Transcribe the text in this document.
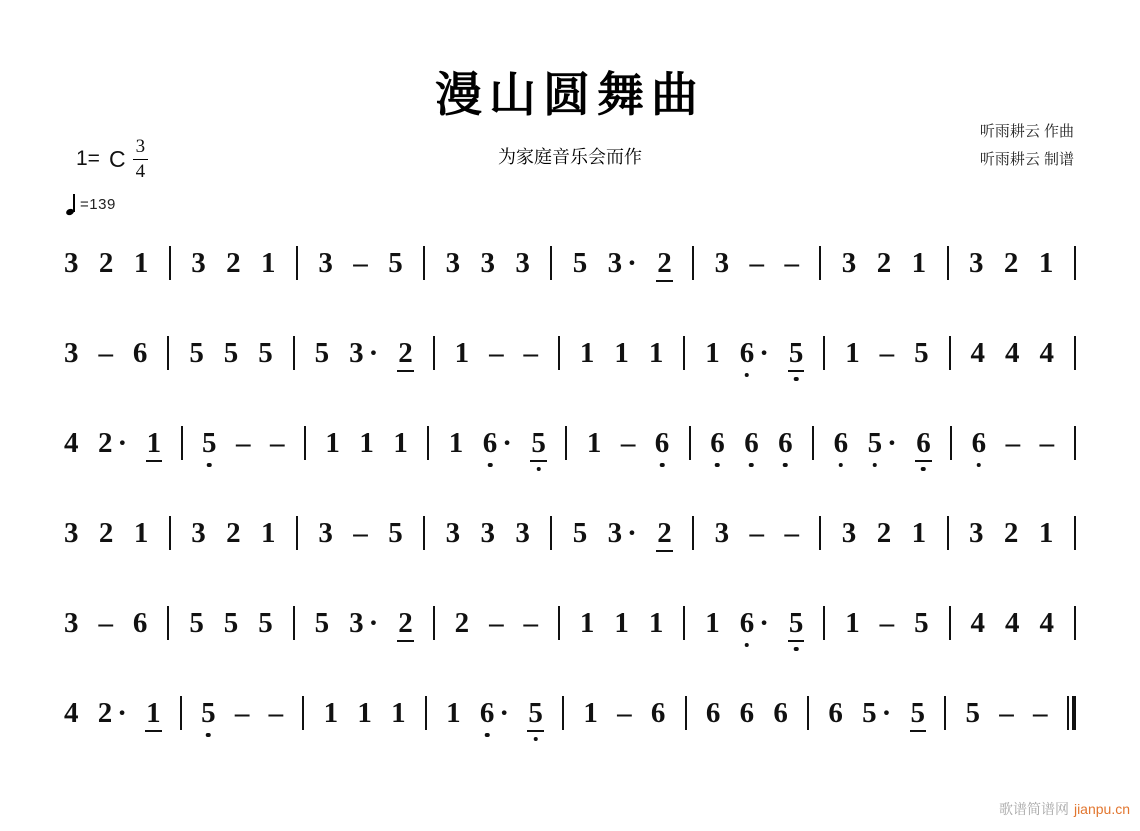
漫山圆舞曲
为家庭音乐会而作
听雨耕云 作曲
听雨耕云 制谱
1= C $\frac{3}{4}$
=139
3 2 1 3 2 1 3 – 5 3 3 3 5 3 · 2 3 – – 3 2 1 3 2 1
3 – 6 5 5 5 5 3 · 2 1 – – 1 1 1 1 6 · 5 1 – 5 4 4 4
4 2 · 1 5 – – 1 1 1 1 6 · 5 1 – 6 6 6 6 6 5 · 6 6 – –
3 2 1 3 2 1 3 – 5 3 3 3 5 3 · 2 3 – – 3 2 1 3 2 1
3 – 6 5 5 5 5 3 · 2 2 – – 1 1 1 1 6 · 5 1 – 5 4 4 4
4 2 · 1 5 – – 1 1 1 1 6 · 5 1 – 6 6 6 6 6 5 · 5 5 – –
歌谱简谱网 jianpu.cn
